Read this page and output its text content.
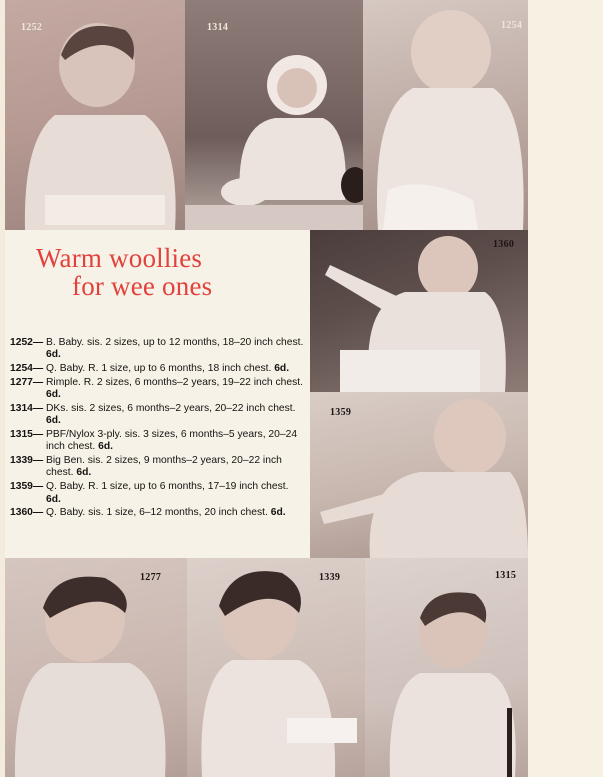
1252	1314	1254
Warm woollies
for wee ones
1252— B. Baby. sis. 2 sizes, up to 12 months, 18–20 inch chest. 6d.
1254— Q. Baby. R. 1 size, up to 6 months, 18 inch chest. 6d.
1277— Rimple. R. 2 sizes, 6 months–2 years, 19–22 inch chest. 6d.
1314— DKs. sis. 2 sizes, 6 months–2 years, 20–22 inch chest. 6d.
1315— PBF/Nylox 3-ply. sis. 3 sizes, 6 months–5 years, 20–24 inch chest. 6d.
1339— Big Ben. sis. 2 sizes, 9 months–2 years, 20–22 inch chest. 6d.
1359— Q. Baby. R. 1 size, up to 6 months, 17–19 inch chest. 6d.
1360— Q. Baby. sis. 1 size, 6–12 months, 20 inch chest. 6d.
1360
1359
1277	1339	1315
